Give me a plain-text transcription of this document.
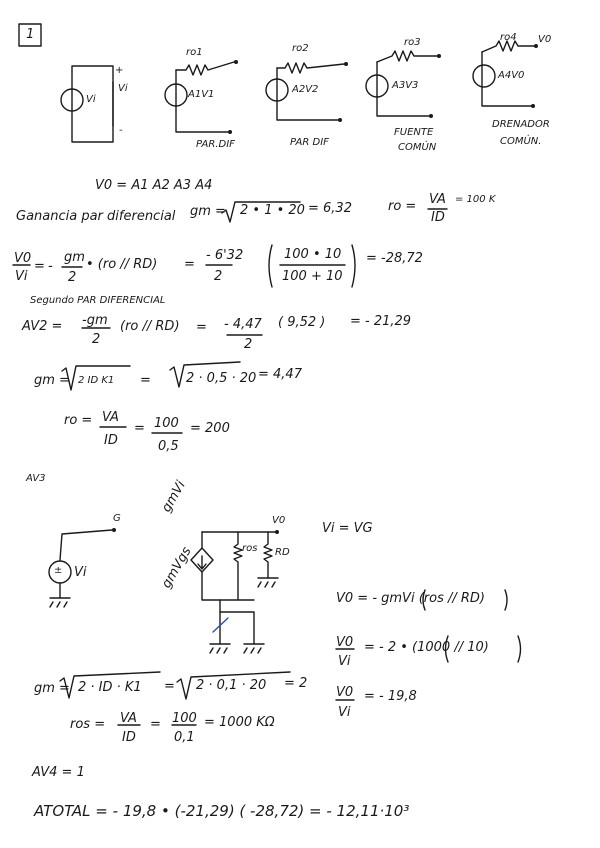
1
Vi
+
Vi
-
ro1
A1V1
PAR.DIF
ro2
A2V2
PAR DIF
ro3
A3V3
FUENTE
COMÚN
ro4 V0
A4V0
DRENADOR
COMÚN.
V0 = A1 A2 A3 A4
Ganancia par diferencial gm = 2 • 1 • 20 = 6,32	ro = VA
ID
= 100 K
V0
Vi
= -
gm
2
• (ro // RD) =
- 6'32
2
100 • 10
100 + 10
= -28,72
Segundo PAR DIFERENCIAL
AV2 = -gm
2
(ro // RD) = - 4,47
2
( 9,52 ) = - 21,29
gm = 2 ID K1 =	2 · 0,5 · 20 = 4,47
ro = VA
ID
= 100
0,5
= 200
AV3
G
± Vi
gmVi
gmVgs	ros RD
V0
Vi = VG
V0 = - gmVi (ros // RD)
V0
Vi
= - 2 • (1000 // 10)
V0
Vi
= - 19,8
gm = 2 · ID · K1 = 2 · 0,1 · 20 = 2
ros = VA
ID
= 100
0,1
= 1000 KΩ
AV4 = 1
ATOTAL = - 19,8 • (-21,29) ( -28,72) = - 12,11·10³
